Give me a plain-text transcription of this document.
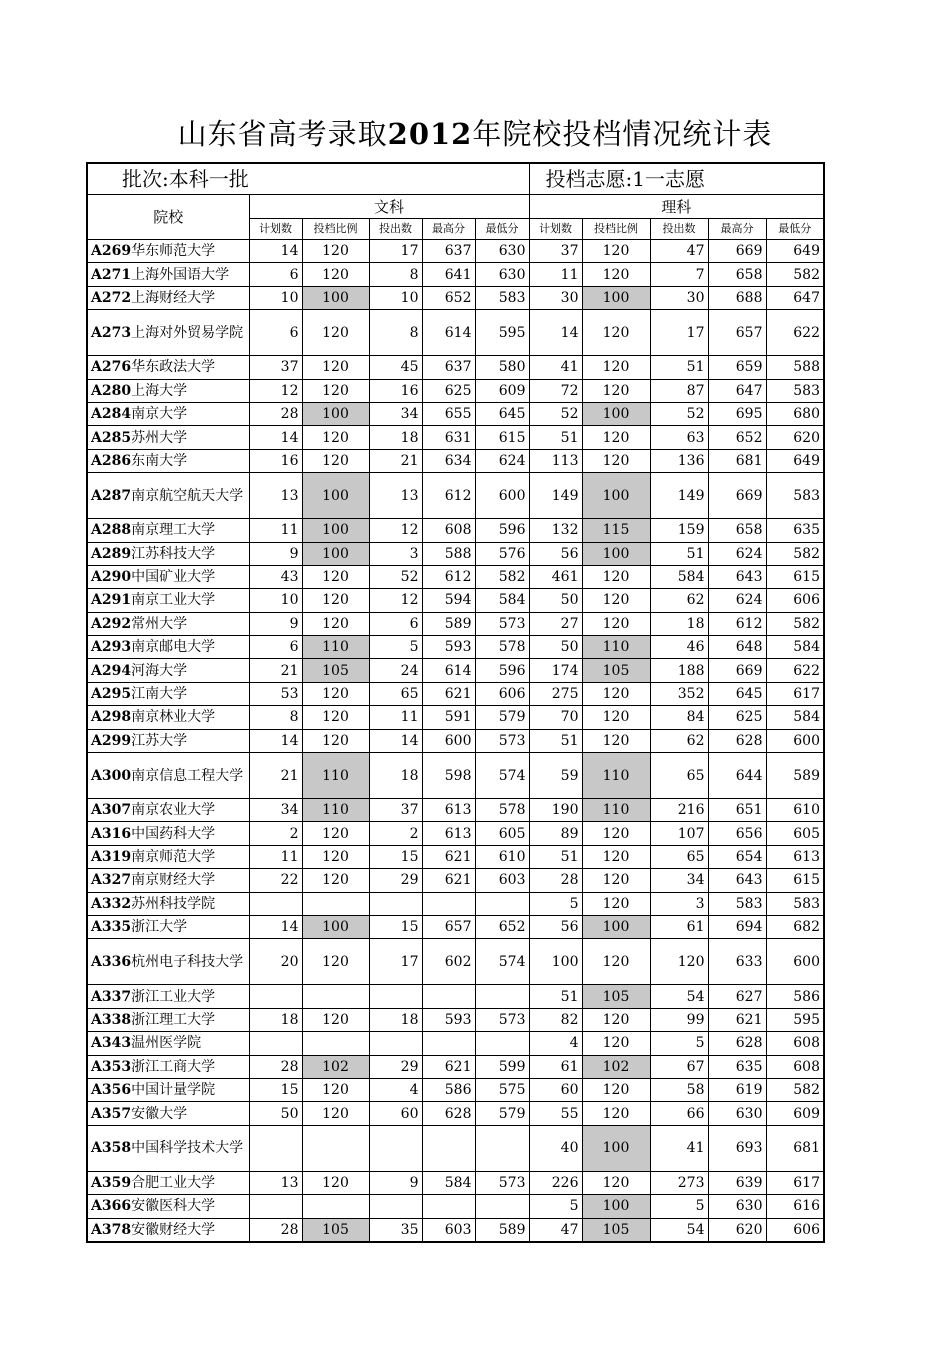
山东省高考录取2012年院校投档情况统计表
批次:本科一批						投档志愿:1一志愿				
院校	文科					理科				
	计划数	投档比例	投出数	最高分	最低分	计划数	投档比例	投出数	最高分	最低分
A269华东师范大学	14	120	17	637	630	37	120	47	669	649
A271上海外国语大学	6	120	8	641	630	11	120	7	658	582
A272上海财经大学	10	100	10	652	583	30	100	30	688	647
A273上海对外贸易学院	6	120	8	614	595	14	120	17	657	622
A276华东政法大学	37	120	45	637	580	41	120	51	659	588
A280上海大学	12	120	16	625	609	72	120	87	647	583
A284南京大学	28	100	34	655	645	52	100	52	695	680
A285苏州大学	14	120	18	631	615	51	120	63	652	620
A286东南大学	16	120	21	634	624	113	120	136	681	649
A287南京航空航天大学	13	100	13	612	600	149	100	149	669	583
A288南京理工大学	11	100	12	608	596	132	115	159	658	635
A289江苏科技大学	9	100	3	588	576	56	100	51	624	582
A290中国矿业大学	43	120	52	612	582	461	120	584	643	615
A291南京工业大学	10	120	12	594	584	50	120	62	624	606
A292常州大学	9	120	6	589	573	27	120	18	612	582
A293南京邮电大学	6	110	5	593	578	50	110	46	648	584
A294河海大学	21	105	24	614	596	174	105	188	669	622
A295江南大学	53	120	65	621	606	275	120	352	645	617
A298南京林业大学	8	120	11	591	579	70	120	84	625	584
A299江苏大学	14	120	14	600	573	51	120	62	628	600
A300南京信息工程大学	21	110	18	598	574	59	110	65	644	589
A307南京农业大学	34	110	37	613	578	190	110	216	651	610
A316中国药科大学	2	120	2	613	605	89	120	107	656	605
A319南京师范大学	11	120	15	621	610	51	120	65	654	613
A327南京财经大学	22	120	29	621	603	28	120	34	643	615
A332苏州科技学院						5	120	3	583	583
A335浙江大学	14	100	15	657	652	56	100	61	694	682
A336杭州电子科技大学	20	120	17	602	574	100	120	120	633	600
A337浙江工业大学						51	105	54	627	586
A338浙江理工大学	18	120	18	593	573	82	120	99	621	595
A343温州医学院						4	120	5	628	608
A353浙江工商大学	28	102	29	621	599	61	102	67	635	608
A356中国计量学院	15	120	4	586	575	60	120	58	619	582
A357安徽大学	50	120	60	628	579	55	120	66	630	609
A358中国科学技术大学						40	100	41	693	681
A359合肥工业大学	13	120	9	584	573	226	120	273	639	617
A366安徽医科大学						5	100	5	630	616
A378安徽财经大学	28	105	35	603	589	47	105	54	620	606
